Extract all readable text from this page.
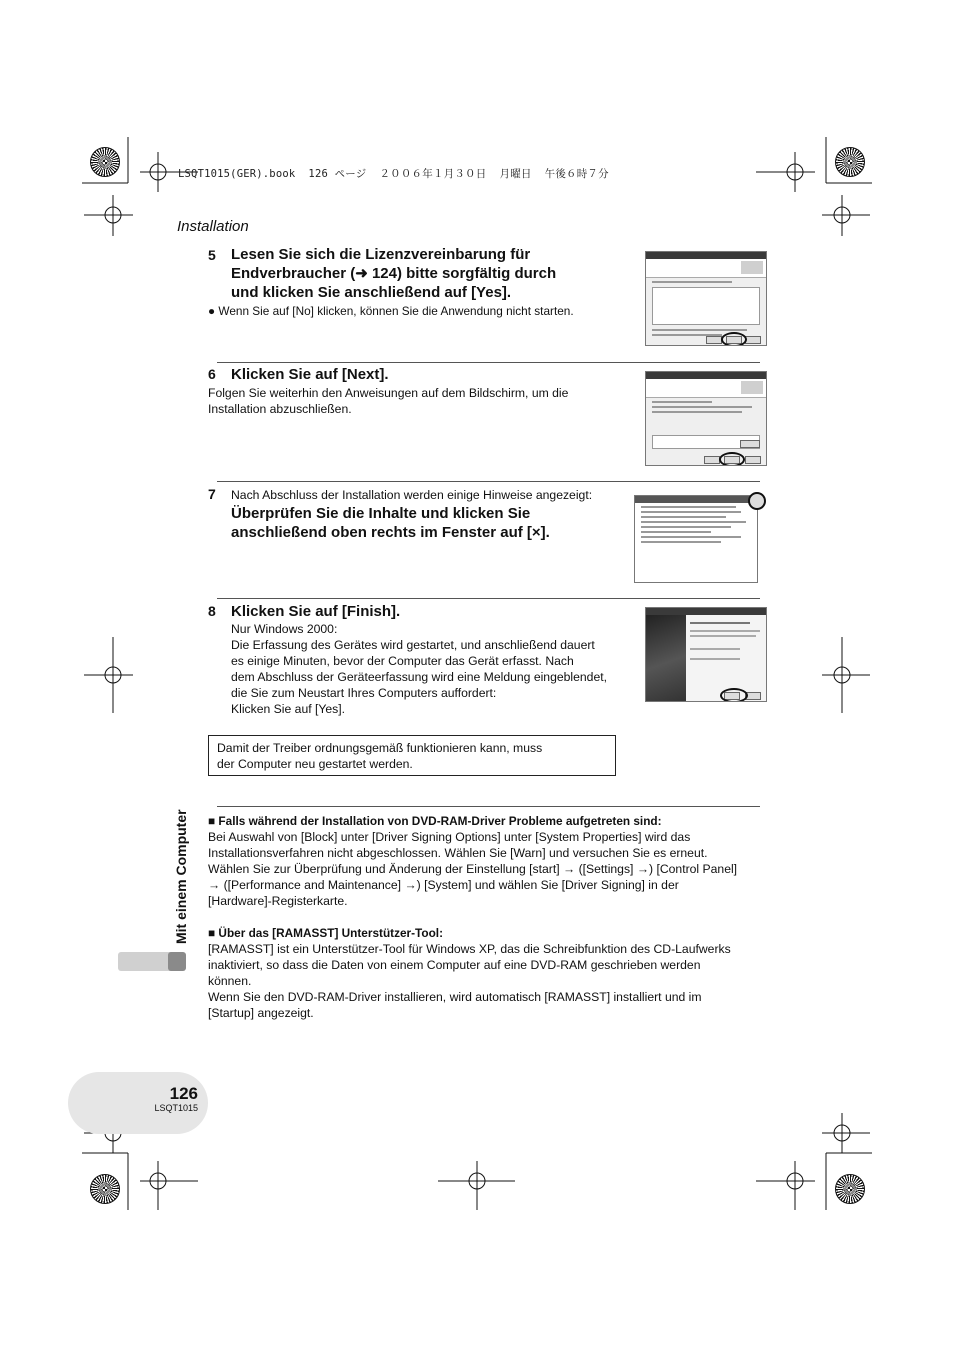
LSQT1015(GER).book  126 ページ  ２００６年１月３０日  月曜日  午後６時７分
Installation
5 Lesen Sie sich die Lizenzvereinbarung für
Endverbraucher (➜ 124) bitte sorgfältig durch
und klicken Sie anschließend auf [Yes].
● Wenn Sie auf [No] klicken, können Sie die Anwendung nicht starten.
6 Klicken Sie auf [Next].
Folgen Sie weiterhin den Anweisungen auf dem Bildschirm, um die
Installation abzuschließen.
7 Nach Abschluss der Installation werden einige Hinweise angezeigt:
Überprüfen Sie die Inhalte und klicken Sie
anschließend oben rechts im Fenster auf [×].
8 Klicken Sie auf [Finish].
Nur Windows 2000:
Die Erfassung des Gerätes wird gestartet, und anschließend dauert
es einige Minuten, bevor der Computer das Gerät erfasst. Nach
dem Abschluss der Geräteerfassung wird eine Meldung eingeblendet,
die Sie zum Neustart Ihres Computers auffordert:
Klicken Sie auf [Yes].
Damit der Treiber ordnungsgemäß funktionieren kann, muss
der Computer neu gestartet werden.
■ Falls während der Installation von DVD-RAM-Driver Probleme aufgetreten sind:
Bei Auswahl von [Block] unter [Driver Signing Options] unter [System Properties] wird das
Installationsverfahren nicht abgeschlossen. Wählen Sie [Warn] und versuchen Sie es erneut.
Wählen Sie zur Überprüfung und Änderung der Einstellung [start] → ([Settings] →) [Control Panel]
→ ([Performance and Maintenance] →) [System] und wählen Sie [Driver Signing] in der
[Hardware]-Registerkarte.
■ Über das [RAMASST] Unterstützer-Tool:
[RAMASST] ist ein Unterstützer-Tool für Windows XP, das die Schreibfunktion des CD-Laufwerks
inaktiviert, so dass die Daten von einem Computer auf eine DVD-RAM geschrieben werden
können.
Wenn Sie den DVD-RAM-Driver installieren, wird automatisch [RAMASST] installiert und im
[Startup] angezeigt.
Mit einem Computer
126
LSQT1015
